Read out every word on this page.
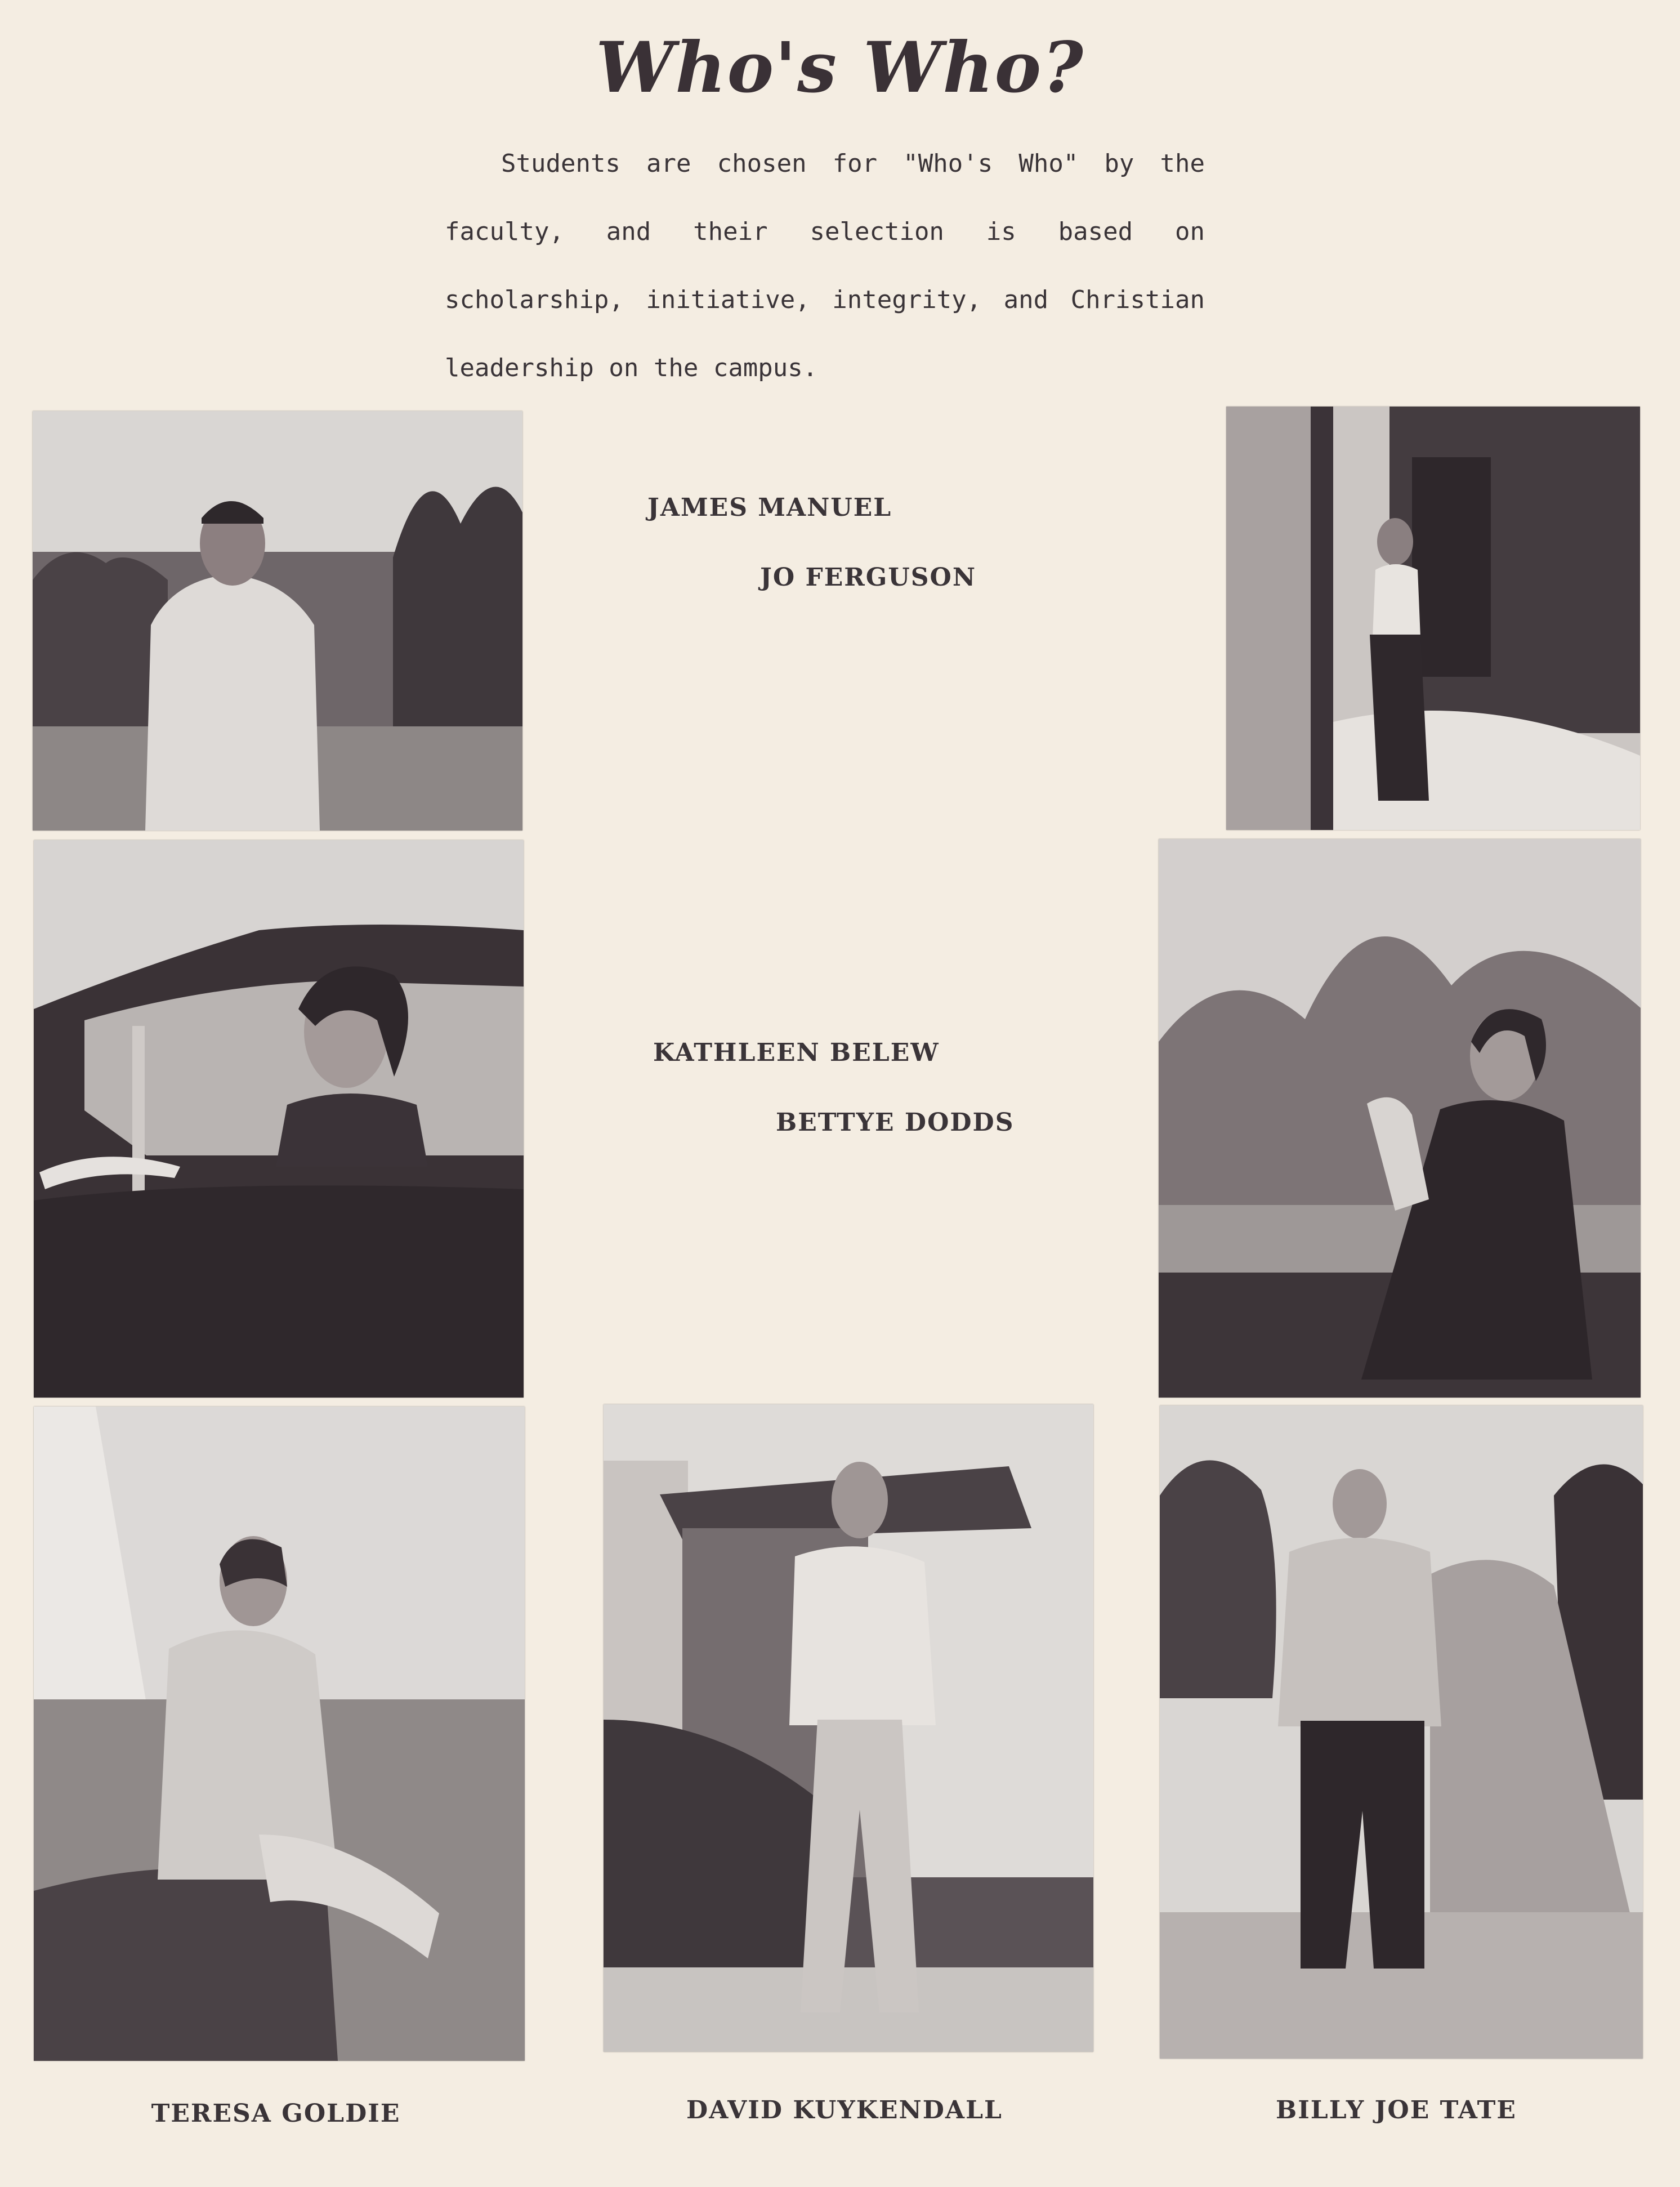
Who's Who?

Students are chosen for "Who's Who" by the faculty, and their selection is based on scholarship, initiative, integrity, and Christian leadership on the campus.

JAMES MANUEL
JO FERGUSON
KATHLEEN BELEW
BETTYE DODDS
TERESA GOLDIE	DAVID KUYKENDALL	BILLY JOE TATE
